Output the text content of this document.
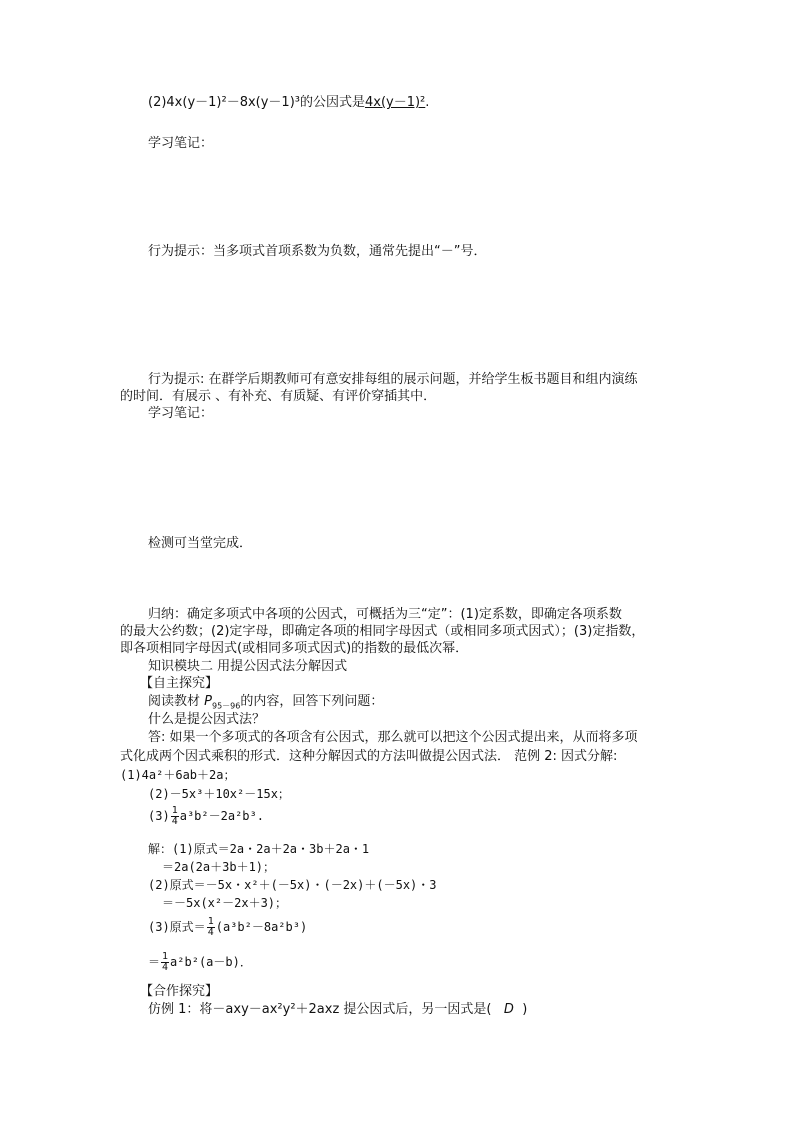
(2)4x(y－1)²－8x(y－1)³的公因式是4x(y－1)².
学习笔记：
行为提示：当多项式首项系数为负数，通常先提出“－”号．
行为提示: 在群学后期教师可有意安排每组的展示问题，并给学生板书题目和组内演练
的时间．有展示 、有补充、有质疑、有评价穿插其中．
学习笔记：
检测可当堂完成．
归纳：确定多项式中各项的公因式，可概括为三“定”：(1)定系数，即确定各项系数
的最大公约数；(2)定字母，即确定各项的相同字母因式（或相同多项式因式）；(3)定指数，
即各项相同字母因式(或相同多项式因式)的指数的最低次幂．
知识模块二 用提公因式法分解因式
【自主探究】
阅读教材 $P_{95-96}$的内容，回答下列问题：
什么是提公因式法？
答: 如果一个多项式的各项含有公因式，那么就可以把这个公因式提出来，从而将多项
式化成两个因式乘积的形式．这种分解因式的方法叫做提公因式法． 范例 2: 因式分解:
(1)4a²＋6ab＋2a；
(2)－5x³＋10x²－15x；
$(3) \frac{1}{4} a^3b^2-2a^2b^3$.
解：(1)原式＝2a・2a＋2a・3b＋2a・1
＝2a(2a＋3b＋1)；
(2)原式＝－5x・x²＋(－5x)・(－2x)＋(－5x)・3
＝－5x(x²－2x＋3)；
(3)原式＝ $\frac{1}{4} (a^3b^2-8a^2b^3)$
＝ $\frac{1}{4} a^2b^2(a-b)$．
【合作探究】
仿例 1：将－axy－ax²y²＋2axz 提公因式后，另一因式是( D )
